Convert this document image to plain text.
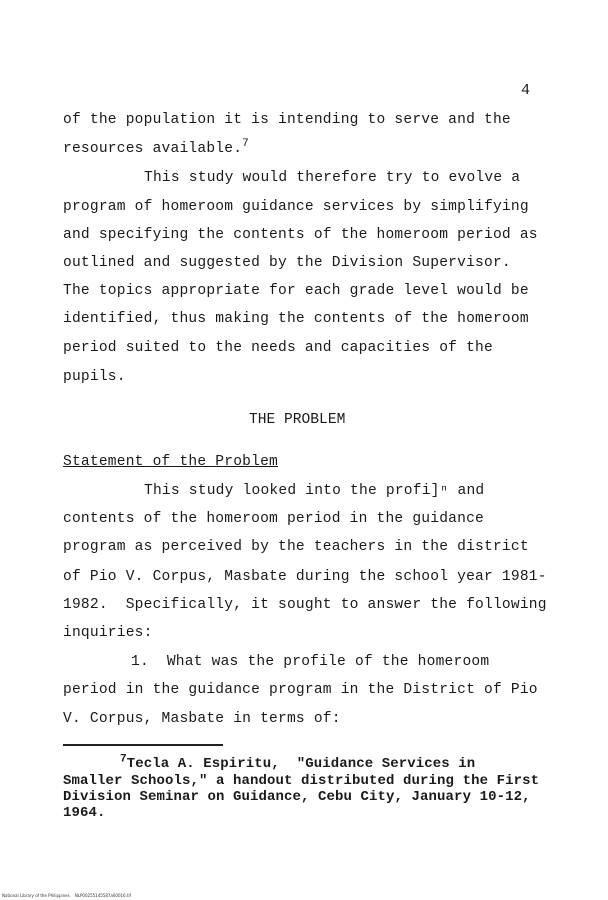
4
of the population it is intending to serve and the
resources available.$^7$
This study would therefore try to evolve a
program of homeroom guidance services by simplifying
and specifying the contents of the homeroom period as
outlined and suggested by the Division Supervisor.
The topics appropriate for each grade level would be
identified, thus making the contents of the homeroom
period suited to the needs and capacities of the
pupils.
THE PROBLEM
Statement of the Problem
This study looked into the profi]ⁿ and
contents of the homeroom period in the guidance
program as perceived by the teachers in the district
of Pio V. Corpus, Masbate during the school year 1981-
1982.  Specifically, it sought to answer the following
inquiries:
1. What was the profile of the homeroom
period in the guidance program in the District of Pio
V. Corpus, Masbate in terms of:
$^7$Tecla A. Espiritu,  "Guidance Services in
Smaller Schools," a handout distributed during the First
Division Seminar on Guidance, Cebu City, January 10-12,
1964.
National Library of the Philippines    NLP00255145587a60016.tif
